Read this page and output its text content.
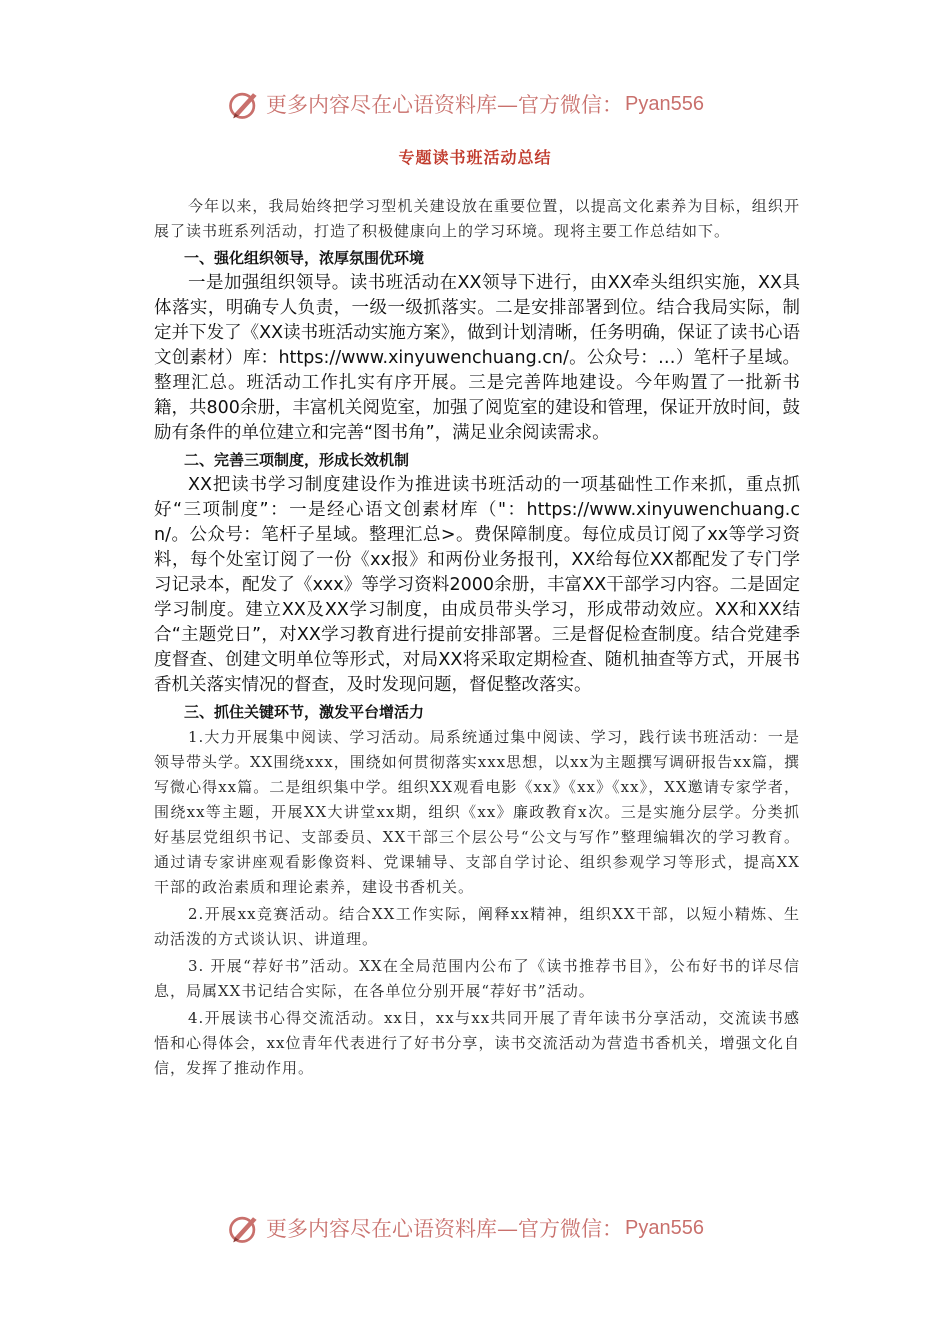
更多内容尽在心语资料库—官方微信： Pyan556
专题读书班活动总结

今年以来，我局始终把学习型机关建设放在重要位置，以提高文化素养为目标，组织开展了读书班系列活动，打造了积极健康向上的学习环境。现将主要工作总结如下。

一、强化组织领导，浓厚氛围优环境

一是加强组织领导。读书班活动在XX领导下进行，由XX牵头组织实施，XX具体落实，明确专人负责，一级一级抓落实。二是安排部署到位。结合我局实际，制定并下发了《XX读书班活动实施方案》，做到计划清晰，任务明确，保证了读书心语文创素材）库：https://www.xinyuwenchuang.cn/。公众号：…）笔杆子星域。整理汇总。班活动工作扎实有序开展。三是完善阵地建设。今年购置了一批新书籍，共800余册，丰富机关阅览室，加强了阅览室的建设和管理，保证开放时间，鼓励有条件的单位建立和完善“图书角”，满足业余阅读需求。

二、完善三项制度，形成长效机制

XX把读书学习制度建设作为推进读书班活动的一项基础性工作来抓，重点抓好“三项制度”：一是经心语文创素材库（"：https://www.xinyuwenchuang.cn/。公众号：笔杆子星域。整理汇总>。费保障制度。每位成员订阅了xx等学习资料，每个处室订阅了一份《xx报》和两份业务报刊，XX给每位XX都配发了专门学习记录本，配发了《xxx》等学习资料2000余册，丰富XX干部学习内容。二是固定学习制度。建立XX及XX学习制度，由成员带头学习，形成带动效应。XX和XX结合“主题党日”，对XX学习教育进行提前安排部署。三是督促检查制度。结合党建季度督查、创建文明单位等形式，对局XX将采取定期检查、随机抽查等方式，开展书香机关落实情况的督查，及时发现问题，督促整改落实。

三、抓住关键环节，激发平台增活力

1.大力开展集中阅读、学习活动。局系统通过集中阅读、学习，践行读书班活动：一是领导带头学。XX围绕xxx，围绕如何贯彻落实xxx思想，以xx为主题撰写调研报告xx篇，撰写微心得xx篇。二是组织集中学。组织XX观看电影《xx》《xx》《xx》，XX邀请专家学者，围绕xx等主题，开展XX大讲堂xx期，组织《xx》廉政教育x次。三是实施分层学。分类抓好基层党组织书记、支部委员、XX干部三个层公号“公文与写作”整理编辑次的学习教育。通过请专家讲座观看影像资料、党课辅导、支部自学讨论、组织参观学习等形式，提高XX干部的政治素质和理论素养，建设书香机关。

2.开展xx竞赛活动。结合XX工作实际，阐释xx精神，组织XX干部，以短小精炼、生动活泼的方式谈认识、讲道理。

3. 开展“荐好书”活动。XX在全局范围内公布了《读书推荐书目》，公布好书的详尽信息，局属XX书记结合实际，在各单位分别开展“荐好书”活动。

4.开展读书心得交流活动。xx日，xx与xx共同开展了青年读书分享活动，交流读书感悟和心得体会，xx位青年代表进行了好书分享，读书交流活动为营造书香机关，增强文化自信，发挥了推动作用。

更多内容尽在心语资料库—官方微信： Pyan556
